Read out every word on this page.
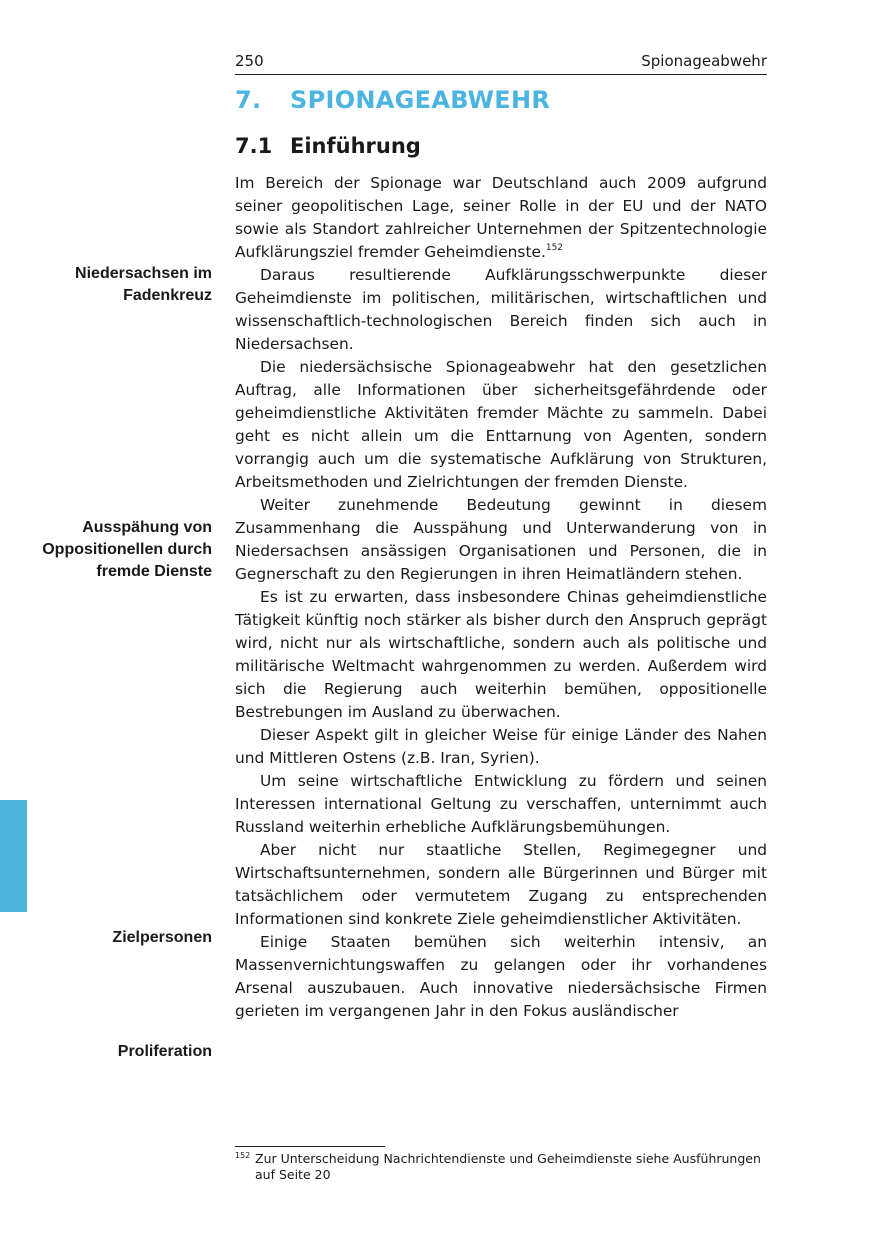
250	Spionageabwehr
7. SPIONAGEABWEHR
7.1 Einführung
Niedersachsen im Fadenkreuz
Ausspähung von Oppositionellen durch fremde Dienste
Zielpersonen
Proliferation

Im Bereich der Spionage war Deutschland auch 2009 aufgrund seiner geopolitischen Lage, seiner Rolle in der EU und der NATO sowie als Standort zahlreicher Unternehmen der Spitzentechnologie Aufklärungsziel fremder Geheimdienste.$^{152}$

Daraus resultierende Aufklärungsschwerpunkte dieser Geheimdienste im politischen, militärischen, wirtschaftlichen und wissenschaftlich-technologischen Bereich finden sich auch in Niedersachsen.

Die niedersächsische Spionageabwehr hat den gesetzlichen Auftrag, alle Informationen über sicherheitsgefährdende oder geheimdienstliche Aktivitäten fremder Mächte zu sammeln. Dabei geht es nicht allein um die Enttarnung von Agenten, sondern vorrangig auch um die systematische Aufklärung von Strukturen, Arbeitsmethoden und Zielrichtungen der fremden Dienste.

Weiter zunehmende Bedeutung gewinnt in diesem Zusammenhang die Ausspähung und Unterwanderung von in Niedersachsen ansässigen Organisationen und Personen, die in Gegnerschaft zu den Regierungen in ihren Heimatländern stehen.

Es ist zu erwarten, dass insbesondere Chinas geheimdienstliche Tätigkeit künftig noch stärker als bisher durch den Anspruch geprägt wird, nicht nur als wirtschaftliche, sondern auch als politische und militärische Weltmacht wahrgenommen zu werden. Außerdem wird sich die Regierung auch weiterhin bemühen, oppositionelle Bestrebungen im Ausland zu überwachen.

Dieser Aspekt gilt in gleicher Weise für einige Länder des Nahen und Mittleren Ostens (z.B. Iran, Syrien).

Um seine wirtschaftliche Entwicklung zu fördern und seinen Interessen international Geltung zu verschaffen, unternimmt auch Russland weiterhin erhebliche Aufklärungsbemühungen.

Aber nicht nur staatliche Stellen, Regimegegner und Wirtschaftsunternehmen, sondern alle Bürgerinnen und Bürger mit tatsächlichem oder vermutetem Zugang zu entsprechenden Informationen sind konkrete Ziele geheimdienstlicher Aktivitäten.

Einige Staaten bemühen sich weiterhin intensiv, an Massenvernichtungswaffen zu gelangen oder ihr vorhandenes Arsenal auszubauen. Auch innovative niedersächsische Firmen gerieten im vergangenen Jahr in den Fokus ausländischer

152 Zur Unterscheidung Nachrichtendienste und Geheimdienste siehe Ausführungen auf Seite 20
